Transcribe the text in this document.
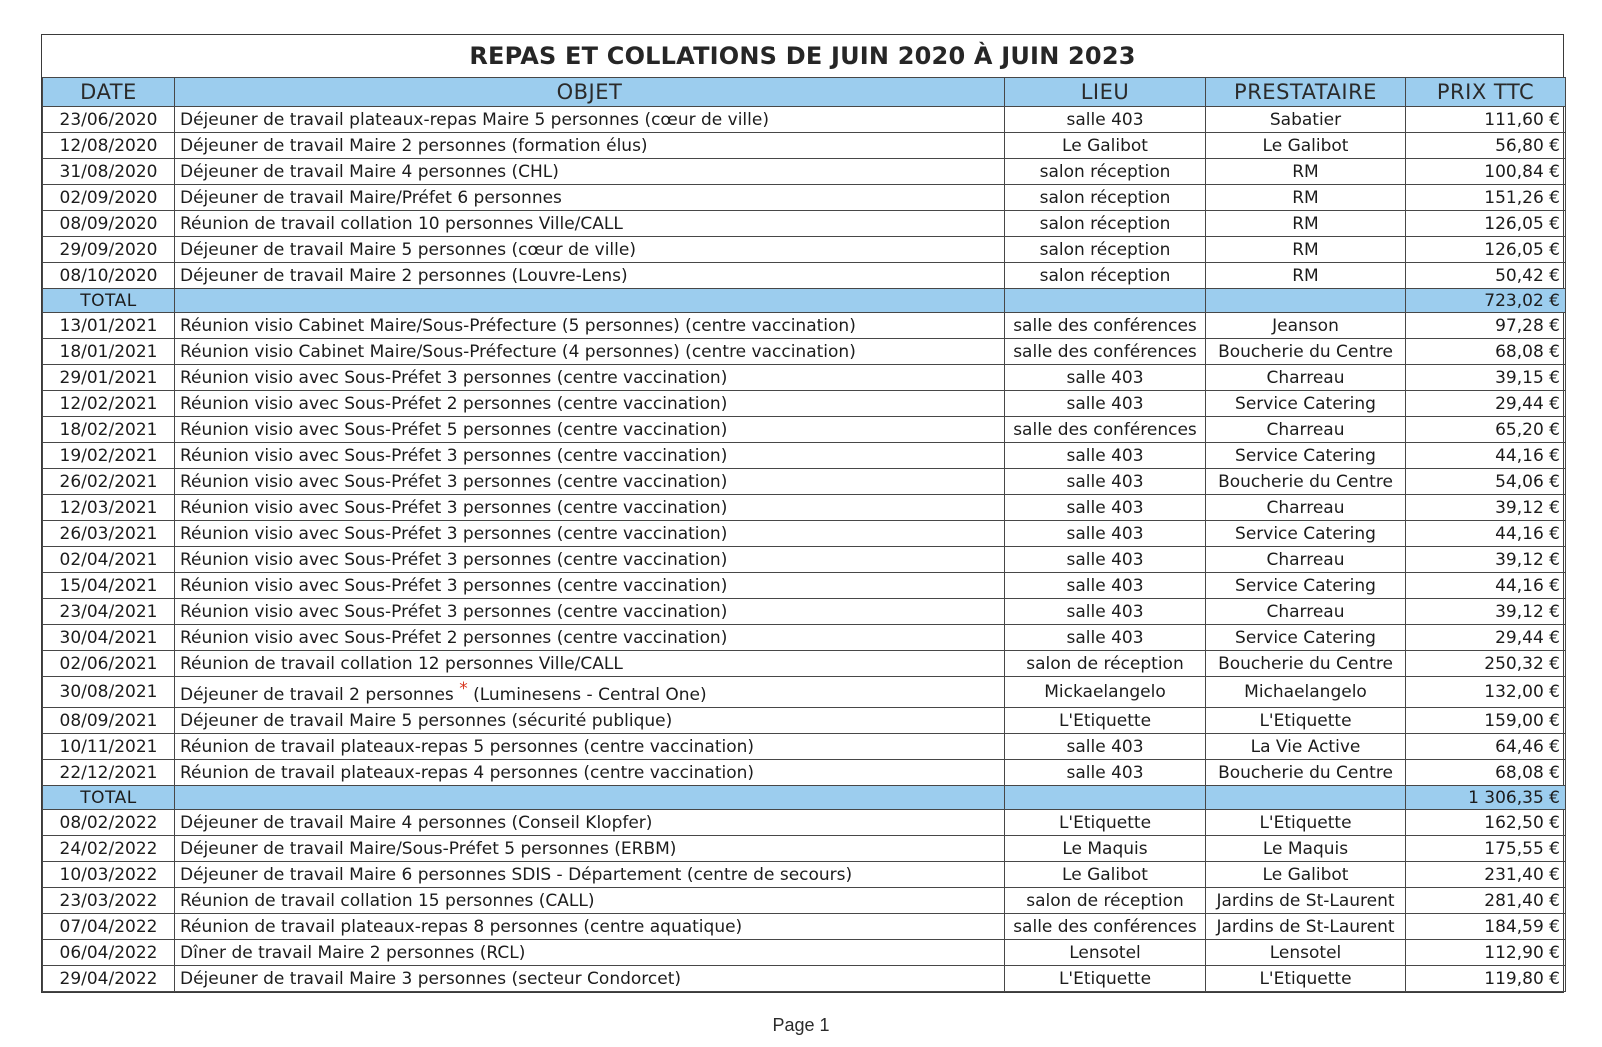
REPAS ET COLLATIONS DE JUIN 2020 À JUIN 2023
DATE	OBJET	LIEU	PRESTATAIRE	PRIX TTC
23/06/2020	Déjeuner de travail plateaux-repas Maire 5 personnes (cœur de ville)	salle 403	Sabatier	111,60 €
12/08/2020	Déjeuner de travail Maire 2 personnes (formation élus)	Le Galibot	Le Galibot	56,80 €
31/08/2020	Déjeuner de travail Maire 4 personnes (CHL)	salon réception	RM	100,84 €
02/09/2020	Déjeuner de travail Maire/Préfet 6 personnes	salon réception	RM	151,26 €
08/09/2020	Réunion de travail collation 10 personnes Ville/CALL	salon réception	RM	126,05 €
29/09/2020	Déjeuner de travail Maire 5 personnes (cœur de ville)	salon réception	RM	126,05 €
08/10/2020	Déjeuner de travail Maire 2 personnes (Louvre-Lens)	salon réception	RM	50,42 €
TOTAL				723,02 €
13/01/2021	Réunion visio Cabinet Maire/Sous-Préfecture (5 personnes) (centre vaccination)	salle des conférences	Jeanson	97,28 €
18/01/2021	Réunion visio Cabinet Maire/Sous-Préfecture (4 personnes) (centre vaccination)	salle des conférences	Boucherie du Centre	68,08 €
29/01/2021	Réunion visio avec Sous-Préfet 3 personnes (centre vaccination)	salle 403	Charreau	39,15 €
12/02/2021	Réunion visio avec Sous-Préfet 2 personnes (centre vaccination)	salle 403	Service Catering	29,44 €
18/02/2021	Réunion visio avec Sous-Préfet 5 personnes (centre vaccination)	salle des conférences	Charreau	65,20 €
19/02/2021	Réunion visio avec Sous-Préfet 3 personnes (centre vaccination)	salle 403	Service Catering	44,16 €
26/02/2021	Réunion visio avec Sous-Préfet 3 personnes (centre vaccination)	salle 403	Boucherie du Centre	54,06 €
12/03/2021	Réunion visio avec Sous-Préfet 3 personnes (centre vaccination)	salle 403	Charreau	39,12 €
26/03/2021	Réunion visio avec Sous-Préfet 3 personnes (centre vaccination)	salle 403	Service Catering	44,16 €
02/04/2021	Réunion visio avec Sous-Préfet 3 personnes (centre vaccination)	salle 403	Charreau	39,12 €
15/04/2021	Réunion visio avec Sous-Préfet 3 personnes (centre vaccination)	salle 403	Service Catering	44,16 €
23/04/2021	Réunion visio avec Sous-Préfet 3 personnes (centre vaccination)	salle 403	Charreau	39,12 €
30/04/2021	Réunion visio avec Sous-Préfet 2 personnes (centre vaccination)	salle 403	Service Catering	29,44 €
02/06/2021	Réunion de travail collation 12 personnes Ville/CALL	salon de réception	Boucherie du Centre	250,32 €
30/08/2021	Déjeuner de travail 2 personnes * (Luminesens - Central One)	Mickaelangelo	Michaelangelo	132,00 €
08/09/2021	Déjeuner de travail Maire 5 personnes (sécurité publique)	L'Etiquette	L'Etiquette	159,00 €
10/11/2021	Réunion de travail plateaux-repas 5 personnes (centre vaccination)	salle 403	La Vie Active	64,46 €
22/12/2021	Réunion de travail plateaux-repas 4 personnes (centre vaccination)	salle 403	Boucherie du Centre	68,08 €
TOTAL				1 306,35 €
08/02/2022	Déjeuner de travail Maire 4 personnes (Conseil Klopfer)	L'Etiquette	L'Etiquette	162,50 €
24/02/2022	Déjeuner de travail Maire/Sous-Préfet 5 personnes (ERBM)	Le Maquis	Le Maquis	175,55 €
10/03/2022	Déjeuner de travail Maire 6 personnes SDIS - Département (centre de secours)	Le Galibot	Le Galibot	231,40 €
23/03/2022	Réunion de travail collation 15 personnes (CALL)	salon de réception	Jardins de St-Laurent	281,40 €
07/04/2022	Réunion de travail plateaux-repas 8 personnes (centre aquatique)	salle des conférences	Jardins de St-Laurent	184,59 €
06/04/2022	Dîner de travail Maire 2 personnes (RCL)	Lensotel	Lensotel	112,90 €
29/04/2022	Déjeuner de travail Maire 3 personnes (secteur Condorcet)	L'Etiquette	L'Etiquette	119,80 €
Page 1
